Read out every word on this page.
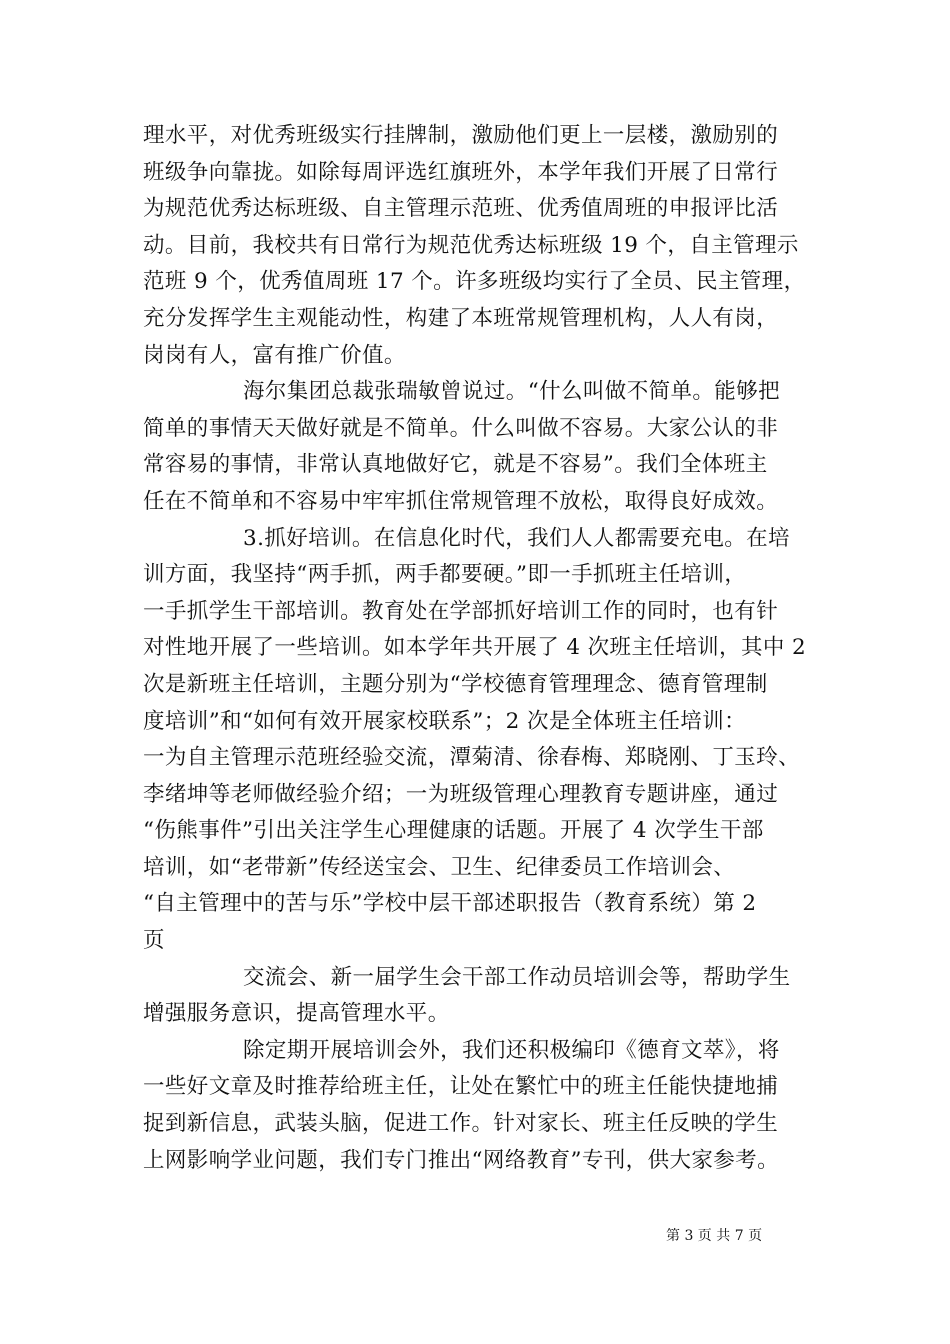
理水平，对优秀班级实行挂牌制，激励他们更上一层楼，激励别的
班级争向靠拢。如除每周评选红旗班外，本学年我们开展了日常行
为规范优秀达标班级、自主管理示范班、优秀值周班的申报评比活
动。目前，我校共有日常行为规范优秀达标班级 19 个，自主管理示
范班 9 个，优秀值周班 17 个。许多班级均实行了全员、民主管理，
充分发挥学生主观能动性，构建了本班常规管理机构，人人有岗，
岗岗有人，富有推广价值。

海尔集团总裁张瑞敏曾说过。“什么叫做不简单。能够把
简单的事情天天做好就是不简单。什么叫做不容易。大家公认的非
常容易的事情，非常认真地做好它，就是不容易”。我们全体班主
任在不简单和不容易中牢牢抓住常规管理不放松，取得良好成效。

3.抓好培训。在信息化时代，我们人人都需要充电。在培
训方面，我坚持“两手抓，两手都要硬。”即一手抓班主任培训，
一手抓学生干部培训。教育处在学部抓好培训工作的同时，也有针
对性地开展了一些培训。如本学年共开展了 4 次班主任培训，其中 2
次是新班主任培训，主题分别为“学校德育管理理念、德育管理制
度培训”和“如何有效开展家校联系”；2 次是全体班主任培训：
一为自主管理示范班经验交流，潭菊清、徐春梅、郑晓刚、丁玉玲、
李绪坤等老师做经验介绍；一为班级管理心理教育专题讲座，通过
“伤熊事件”引出关注学生心理健康的话题。开展了 4 次学生干部
培训，如“老带新”传经送宝会、卫生、纪律委员工作培训会、
“自主管理中的苦与乐”学校中层干部述职报告（教育系统）第 2
页

交流会、新一届学生会干部工作动员培训会等，帮助学生
增强服务意识，提高管理水平。

除定期开展培训会外，我们还积极编印《德育文萃》，将
一些好文章及时推荐给班主任，让处在繁忙中的班主任能快捷地捕
捉到新信息，武装头脑，促进工作。针对家长、班主任反映的学生
上网影响学业问题，我们专门推出“网络教育”专刊，供大家参考。

第 3 页 共 7 页
